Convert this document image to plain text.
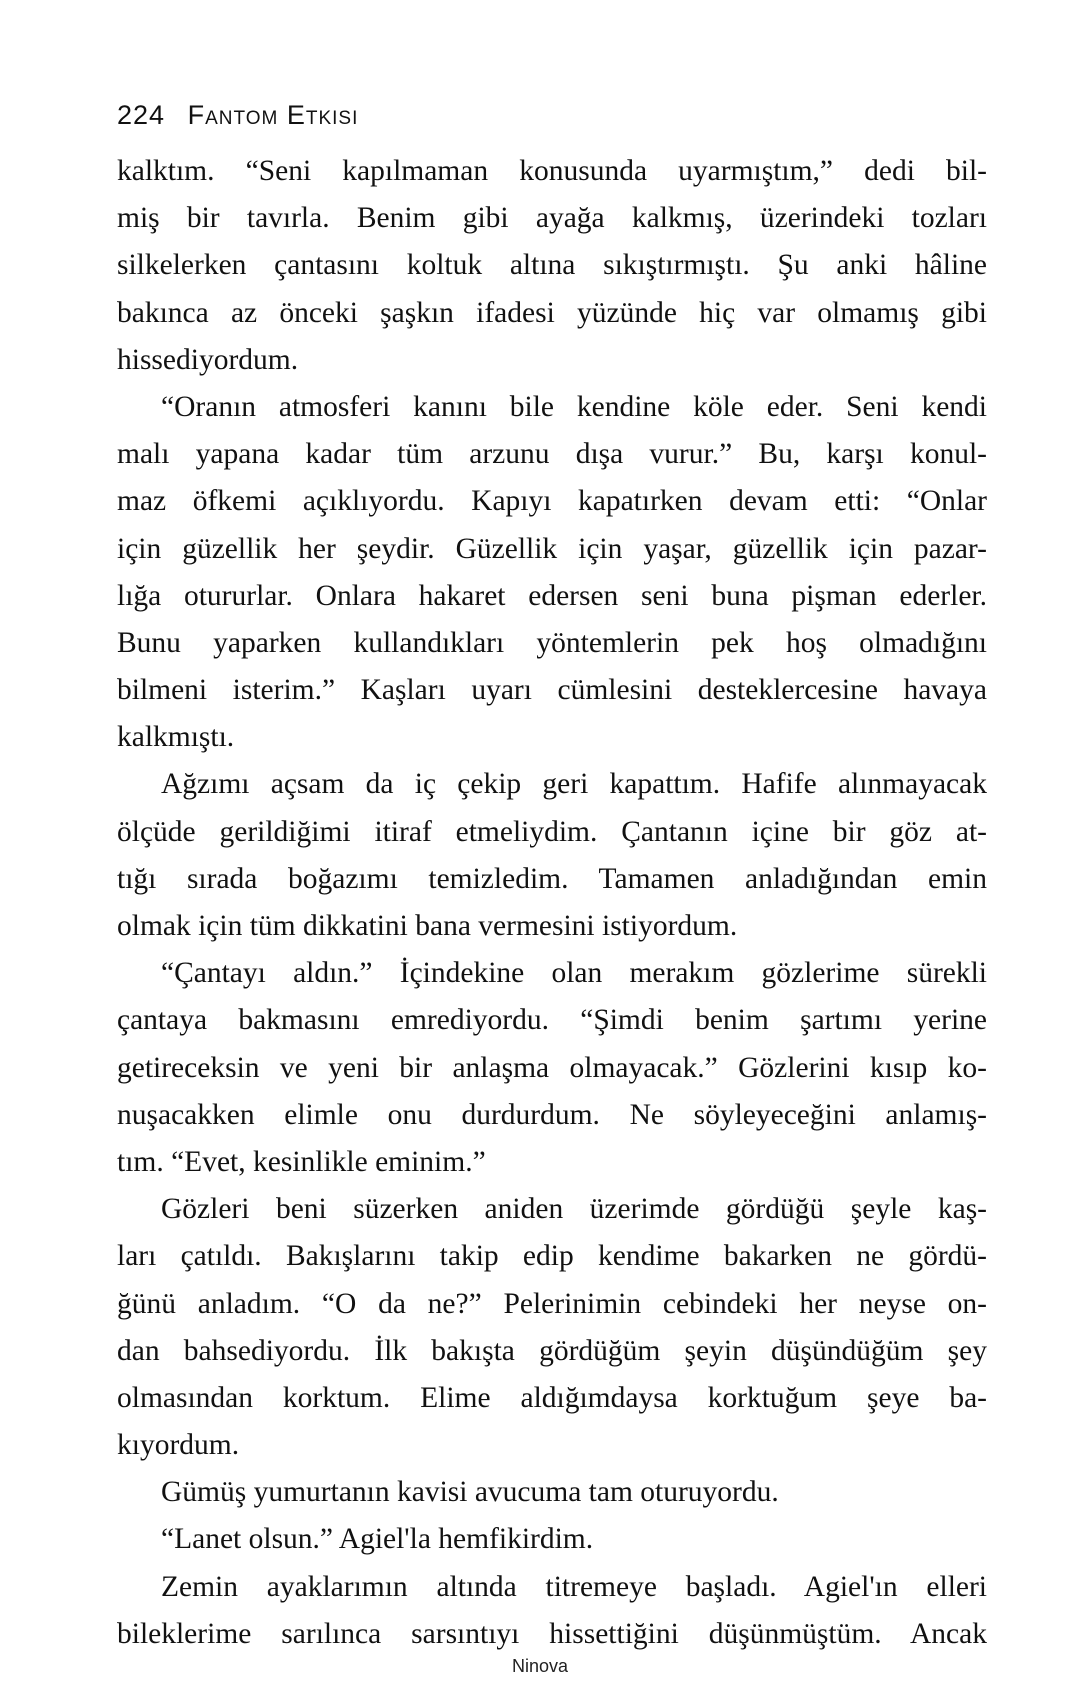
224 Fantom Etkisi
kalktım. “Seni kapılmaman konusunda uyarmıştım,” dedi bil-
miş bir tavırla. Benim gibi ayağa kalkmış, üzerindeki tozları
silkelerken çantasını koltuk altına sıkıştırmıştı. Şu anki hâline
bakınca az önceki şaşkın ifadesi yüzünde hiç var olmamış gibi
hissediyordum.
“Oranın atmosferi kanını bile kendine köle eder. Seni kendi
malı yapana kadar tüm arzunu dışa vurur.” Bu, karşı konul-
maz öfkemi açıklıyordu. Kapıyı kapatırken devam etti: “Onlar
için güzellik her şeydir. Güzellik için yaşar, güzellik için pazar-
lığa otururlar. Onlara hakaret edersen seni buna pişman ederler.
Bunu yaparken kullandıkları yöntemlerin pek hoş olmadığını
bilmeni isterim.” Kaşları uyarı cümlesini desteklercesine havaya
kalkmıştı.
Ağzımı açsam da iç çekip geri kapattım. Hafife alınmayacak
ölçüde gerildiğimi itiraf etmeliydim. Çantanın içine bir göz at-
tığı sırada boğazımı temizledim. Tamamen anladığından emin
olmak için tüm dikkatini bana vermesini istiyordum.
“Çantayı aldın.” İçindekine olan merakım gözlerime sürekli
çantaya bakmasını emrediyordu. “Şimdi benim şartımı yerine
getireceksin ve yeni bir anlaşma olmayacak.” Gözlerini kısıp ko-
nuşacakken elimle onu durdurdum. Ne söyleyeceğini anlamış-
tım. “Evet, kesinlikle eminim.”
Gözleri beni süzerken aniden üzerimde gördüğü şeyle kaş-
ları çatıldı. Bakışlarını takip edip kendime bakarken ne gördü-
ğünü anladım. “O da ne?” Pelerinimin cebindeki her neyse on-
dan bahsediyordu. İlk bakışta gördüğüm şeyin düşündüğüm şey
olmasından korktum. Elime aldığımdaysa korktuğum şeye ba-
kıyordum.
Gümüş yumurtanın kavisi avucuma tam oturuyordu.
“Lanet olsun.” Agiel'la hemfikirdim.
Zemin ayaklarımın altında titremeye başladı. Agiel'ın elleri
bileklerime sarılınca sarsıntıyı hissettiğini düşünmüştüm. Ancak
Ninova
